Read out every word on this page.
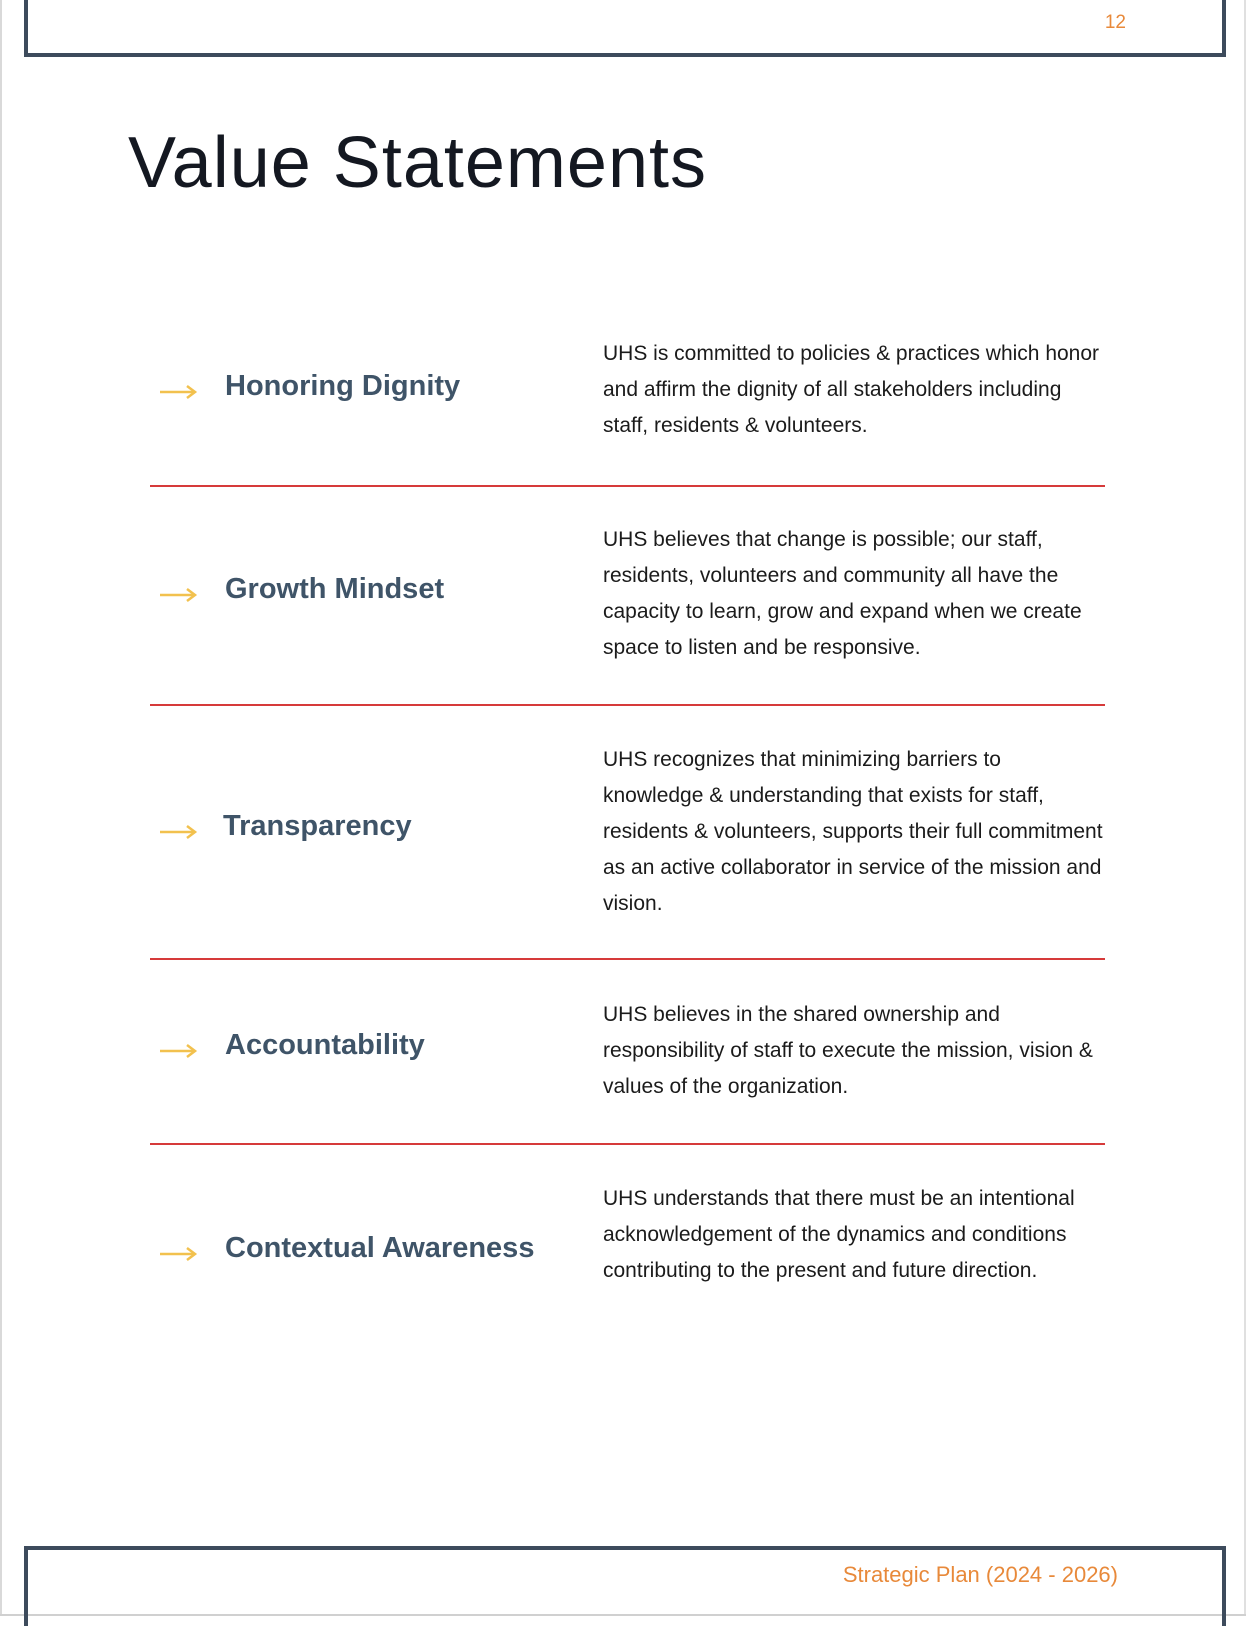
12
Value Statements
Honoring Dignity
UHS is committed to policies & practices which honor and affirm the dignity of all stakeholders including staff, residents & volunteers.
Growth Mindset
UHS believes that change is possible; our staff, residents, volunteers and community all have the capacity to learn, grow and expand when we create space to listen and be responsive.
Transparency
UHS recognizes that minimizing barriers to knowledge & understanding that exists for staff, residents & volunteers, supports their full commitment as an active collaborator in service of the mission and vision.
Accountability
UHS believes in the shared ownership and responsibility of staff to execute the mission, vision & values of the organization.
Contextual Awareness
UHS understands that there must be an intentional acknowledgement of the dynamics and conditions contributing to the present and future direction.
Strategic Plan (2024 - 2026)
